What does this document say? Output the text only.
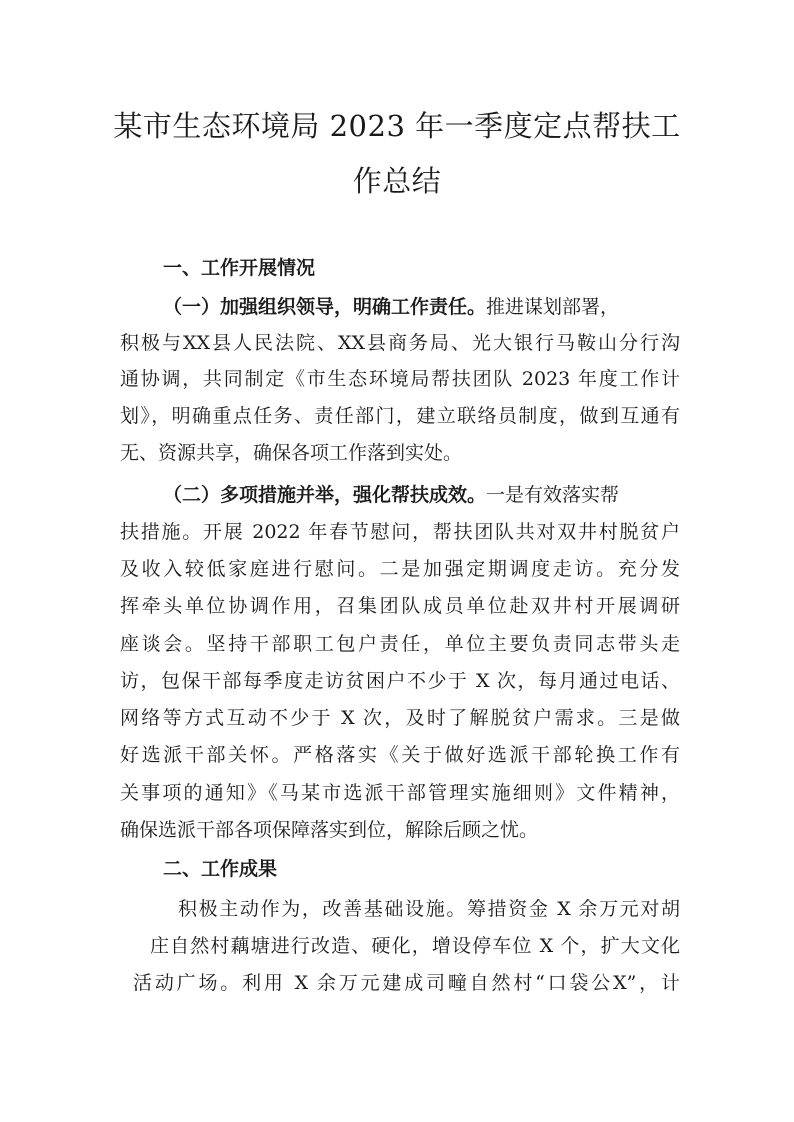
某市生态环境局 2023 年一季度定点帮扶工
作总结
一、工作开展情况
（一）加强组织领导，明确工作责任。推进谋划部署，
积极与XX县人民法院、XX县商务局、光大银行马鞍山分行沟
通协调，共同制定《市生态环境局帮扶团队 2023 年度工作计
划》，明确重点任务、责任部门，建立联络员制度，做到互通有
无、资源共享，确保各项工作落到实处。
（二）多项措施并举，强化帮扶成效。一是有效落实帮
扶措施。开展 2022 年春节慰问，帮扶团队共对双井村脱贫户
及收入较低家庭进行慰问。二是加强定期调度走访。充分发
挥牵头单位协调作用，召集团队成员单位赴双井村开展调研
座谈会。坚持干部职工包户责任，单位主要负责同志带头走
访，包保干部每季度走访贫困户不少于 X 次，每月通过电话、
网络等方式互动不少于 X 次，及时了解脱贫户需求。三是做
好选派干部关怀。严格落实《关于做好选派干部轮换工作有
关事项的通知》《马某市选派干部管理实施细则》文件精神，
确保选派干部各项保障落实到位，解除后顾之忧。
二、工作成果
积极主动作为，改善基础设施。筹措资金 X 余万元对胡
庄自然村藕塘进行改造、硬化，增设停车位 X 个，扩大文化
活动广场。利用 X 余万元建成司疃自然村“口袋公X”，计
